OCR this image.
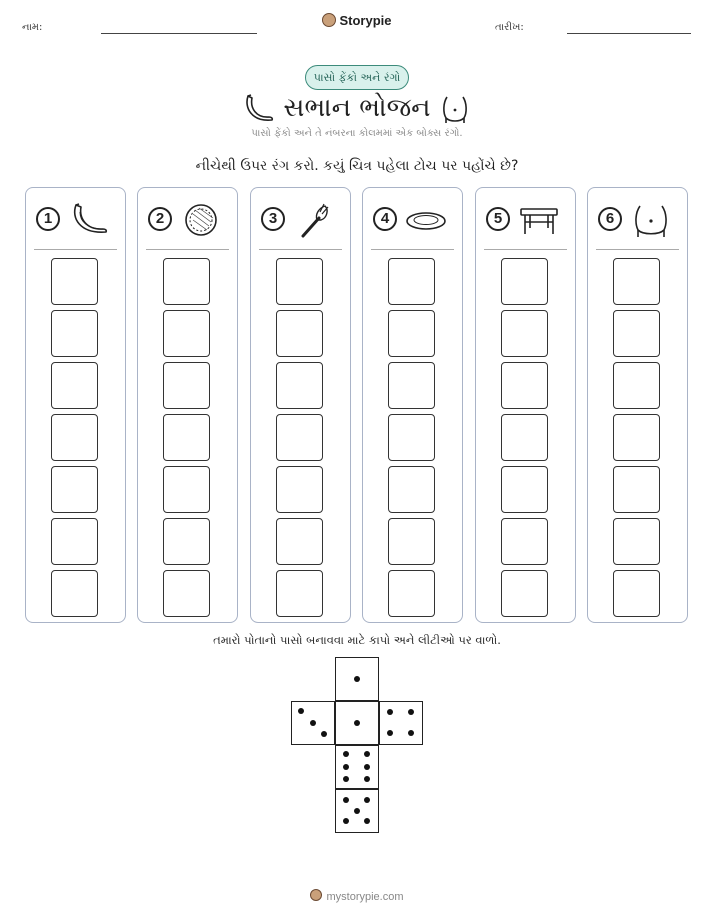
નામ:	Storypie	તારીખ:
પાસો ફેંકો અને રંગો
સભાન ભોજન
પાસો ફેંકો અને તે નંબરના કોલમમાં એક બોક્સ રંગો.
નીચેથી ઉપર રંગ કરો. કયું ચિત્ર પહેલા ટોચ પર પહોંચે છે?
1	2	3	4	5	6
તમારો પોતાનો પાસો બનાવવા માટે કાપો અને લીટીઓ પર વાળો.
mystorypie.com
